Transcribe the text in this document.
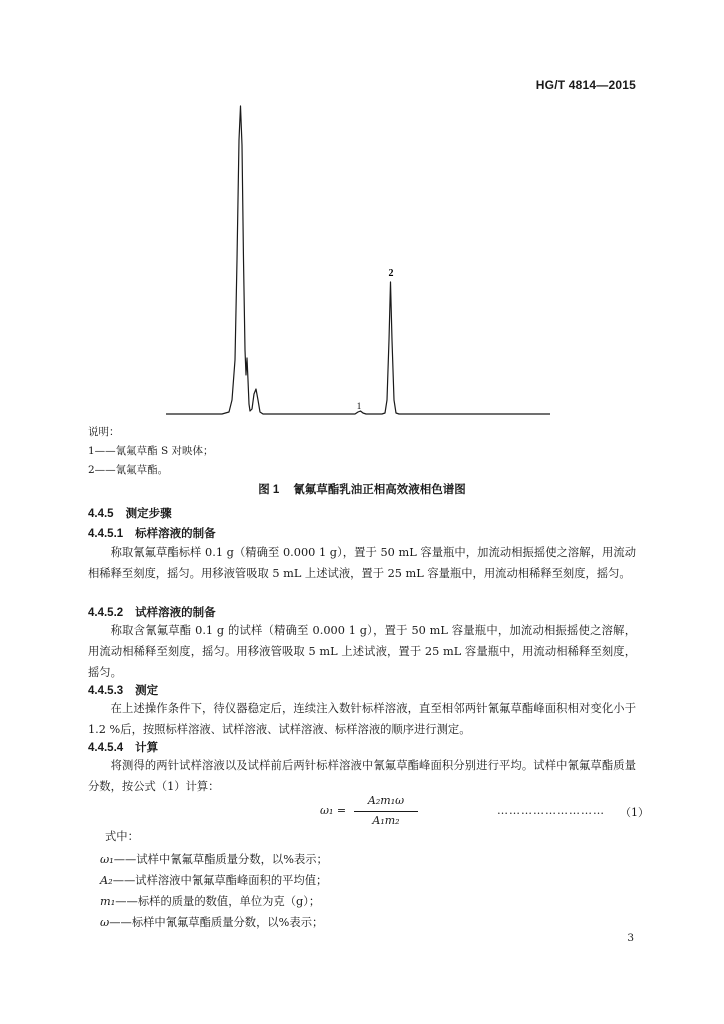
HG/T 4814—2015
1
2
说明：
1——氰氟草酯 S 对映体；
2——氰氟草酯。
图 1 氰氟草酯乳油正相高效液相色谱图
4.4.5 测定步骤
4.4.5.1 标样溶液的制备
称取氰氟草酯标样 0.1 g（精确至 0.000 1 g），置于 50 mL 容量瓶中，加流动相振摇使之溶解，用流动相稀释至刻度，摇匀。用移液管吸取 5 mL 上述试液，置于 25 mL 容量瓶中，用流动相稀释至刻度，摇匀。
4.4.5.2 试样溶液的制备
称取含氰氟草酯 0.1 g 的试样（精确至 0.000 1 g），置于 50 mL 容量瓶中，加流动相振摇使之溶解，用流动相稀释至刻度，摇匀。用移液管吸取 5 mL 上述试液，置于 25 mL 容量瓶中，用流动相稀释至刻度，摇匀。
4.4.5.3 测定
在上述操作条件下，待仪器稳定后，连续注入数针标样溶液，直至相邻两针氰氟草酯峰面积相对变化小于 1.2 %后，按照标样溶液、试样溶液、试样溶液、标样溶液的顺序进行测定。
4.4.5.4 计算
将测得的两针试样溶液以及试样前后两针标样溶液中氰氟草酯峰面积分别进行平均。试样中氰氟草酯质量分数，按公式（1）计算：
ω₁ =
A₂m₁ω
A₁m₂
……………………… （1）
式中：
ω₁——试样中氰氟草酯质量分数，以%表示；
A₂——试样溶液中氰氟草酯峰面积的平均值；
m₁——标样的质量的数值，单位为克（g）；
ω——标样中氰氟草酯质量分数，以%表示；
3
